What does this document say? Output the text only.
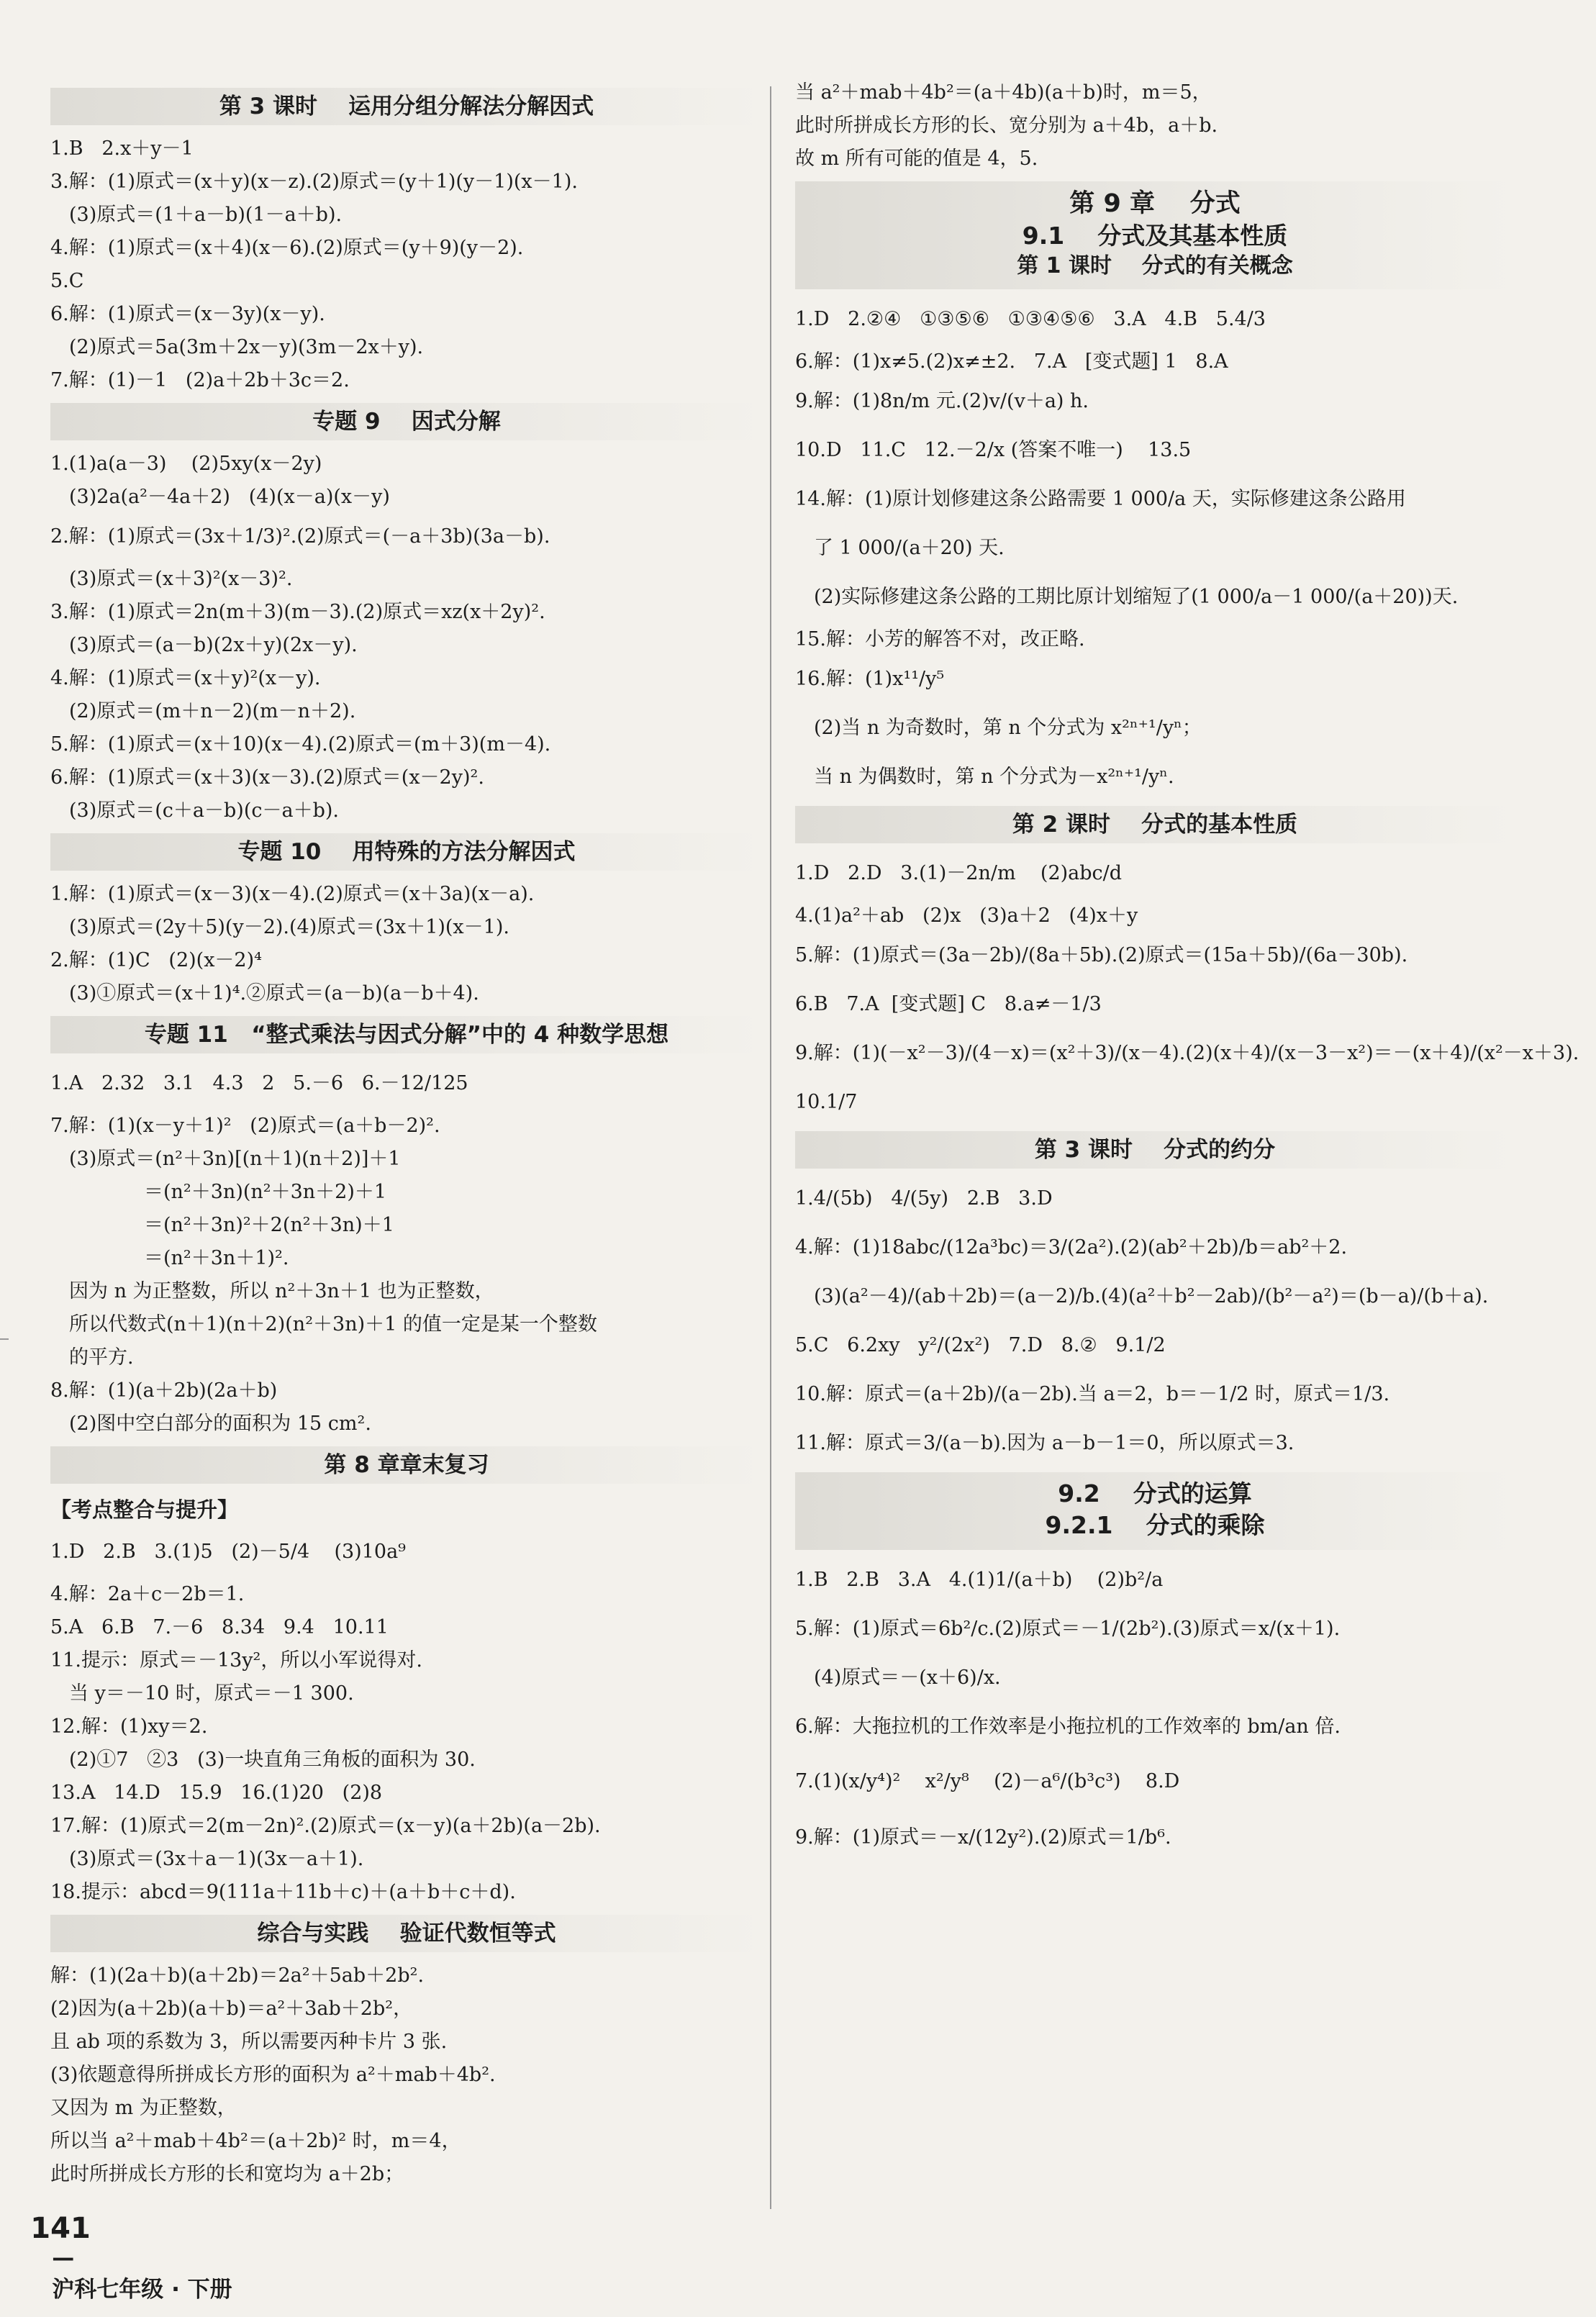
第 3 课时    运用分组分解法分解因式
1.B   2.x＋y－1
3.解：(1)原式＝(x＋y)(x－z).(2)原式＝(y＋1)(y－1)(x－1).
(3)原式＝(1＋a－b)(1－a＋b).
4.解：(1)原式＝(x＋4)(x－6).(2)原式＝(y＋9)(y－2).
5.C
6.解：(1)原式＝(x－3y)(x－y).
(2)原式＝5a(3m＋2x－y)(3m－2x＋y).
7.解：(1)－1   (2)a＋2b＋3c＝2.
专题 9    因式分解
1.(1)a(a－3)    (2)5xy(x－2y)
(3)2a(a²－4a＋2)   (4)(x－a)(x－y)
2.解：(1)原式＝(3x＋1/3)².(2)原式＝(－a＋3b)(3a－b).
(3)原式＝(x＋3)²(x－3)².
3.解：(1)原式＝2n(m＋3)(m－3).(2)原式＝xz(x＋2y)².
(3)原式＝(a－b)(2x＋y)(2x－y).
4.解：(1)原式＝(x＋y)²(x－y).
(2)原式＝(m＋n－2)(m－n＋2).
5.解：(1)原式＝(x＋10)(x－4).(2)原式＝(m＋3)(m－4).
6.解：(1)原式＝(x＋3)(x－3).(2)原式＝(x－2y)².
(3)原式＝(c＋a－b)(c－a＋b).
专题 10    用特殊的方法分解因式
1.解：(1)原式＝(x－3)(x－4).(2)原式＝(x＋3a)(x－a).
(3)原式＝(2y＋5)(y－2).(4)原式＝(3x＋1)(x－1).
2.解：(1)C   (2)(x－2)⁴
(3)①原式＝(x＋1)⁴.②原式＝(a－b)(a－b＋4).
专题 11   “整式乘法与因式分解”中的 4 种数学思想
1.A   2.32   3.1   4.3   2   5.－6   6.－12/125
7.解：(1)(x－y＋1)²   (2)原式＝(a＋b－2)².
(3)原式＝(n²＋3n)[(n＋1)(n＋2)]＋1
＝(n²＋3n)(n²＋3n＋2)＋1
＝(n²＋3n)²＋2(n²＋3n)＋1
＝(n²＋3n＋1)².
因为 n 为正整数，所以 n²＋3n＋1 也为正整数，
所以代数式(n＋1)(n＋2)(n²＋3n)＋1 的值一定是某一个整数
的平方.
8.解：(1)(a＋2b)(2a＋b)
(2)图中空白部分的面积为 15 cm².
第 8 章章末复习
【考点整合与提升】
1.D   2.B   3.(1)5   (2)－5/4    (3)10a⁹
4.解：2a＋c－2b＝1.
5.A   6.B   7.－6   8.34   9.4   10.11
11.提示：原式＝－13y²，所以小军说得对.
当 y＝－10 时，原式＝－1 300.
12.解：(1)xy＝2.
(2)①7   ②3   (3)一块直角三角板的面积为 30.
13.A   14.D   15.9   16.(1)20   (2)8
17.解：(1)原式＝2(m－2n)².(2)原式＝(x－y)(a＋2b)(a－2b).
(3)原式＝(3x＋a－1)(3x－a＋1).
18.提示：abcd＝9(111a＋11b＋c)＋(a＋b＋c＋d).
综合与实践    验证代数恒等式
解：(1)(2a＋b)(a＋2b)＝2a²＋5ab＋2b².
(2)因为(a＋2b)(a＋b)＝a²＋3ab＋2b²，
且 ab 项的系数为 3，所以需要丙种卡片 3 张.
(3)依题意得所拼成长方形的面积为 a²＋mab＋4b².
又因为 m 为正整数，
所以当 a²＋mab＋4b²＝(a＋2b)² 时，m＝4，
此时所拼成长方形的长和宽均为 a＋2b；
当 a²＋mab＋4b²＝(a＋4b)(a＋b)时，m＝5，
此时所拼成长方形的长、宽分别为 a＋4b，a＋b.
故 m 所有可能的值是 4，5.
第 9 章    分式
9.1    分式及其基本性质
第 1 课时    分式的有关概念
1.D   2.②④   ①③⑤⑥   ①③④⑤⑥   3.A   4.B   5.4/3
6.解：(1)x≠5.(2)x≠±2.   7.A   [变式题] 1   8.A
9.解：(1)8n/m 元.(2)v/(v＋a) h.
10.D   11.C   12.－2/x (答案不唯一)    13.5
14.解：(1)原计划修建这条公路需要 1 000/a 天，实际修建这条公路用
了 1 000/(a＋20) 天.
(2)实际修建这条公路的工期比原计划缩短了(1 000/a－1 000/(a＋20))天.
15.解：小芳的解答不对，改正略.
16.解：(1)x¹¹/y⁵
(2)当 n 为奇数时，第 n 个分式为 x²ⁿ⁺¹/yⁿ；
当 n 为偶数时，第 n 个分式为－x²ⁿ⁺¹/yⁿ.
第 2 课时    分式的基本性质
1.D   2.D   3.(1)－2n/m    (2)abc/d
4.(1)a²＋ab   (2)x   (3)a＋2   (4)x＋y
5.解：(1)原式＝(3a－2b)/(8a＋5b).(2)原式＝(15a＋5b)/(6a－30b).
6.B   7.A  [变式题] C   8.a≠－1/3
9.解：(1)(－x²－3)/(4－x)＝(x²＋3)/(x－4).(2)(x＋4)/(x－3－x²)＝－(x＋4)/(x²－x＋3).
10.1/7
第 3 课时    分式的约分
1.4/(5b)   4/(5y)   2.B   3.D
4.解：(1)18abc/(12a³bc)＝3/(2a²).(2)(ab²＋2b)/b＝ab²＋2.
(3)(a²－4)/(ab＋2b)＝(a－2)/b.(4)(a²＋b²－2ab)/(b²－a²)＝(b－a)/(b＋a).
5.C   6.2xy   y²/(2x²)   7.D   8.②   9.1/2
10.解：原式＝(a＋2b)/(a－2b).当 a＝2，b＝－1/2 时，原式＝1/3.
11.解：原式＝3/(a－b).因为 a－b－1＝0，所以原式＝3.
9.2    分式的运算
9.2.1    分式的乘除
1.B   2.B   3.A   4.(1)1/(a＋b)    (2)b²/a
5.解：(1)原式＝6b²/c.(2)原式＝－1/(2b²).(3)原式＝x/(x＋1).
(4)原式＝－(x＋6)/x.
6.解：大拖拉机的工作效率是小拖拉机的工作效率的 bm/an 倍.
7.(1)(x/y⁴)²    x²/y⁸    (2)－a⁶/(b³c³)    8.D
9.解：(1)原式＝－x/(12y²).(2)原式＝1/b⁶.

141
—
沪科七年级 · 下册
